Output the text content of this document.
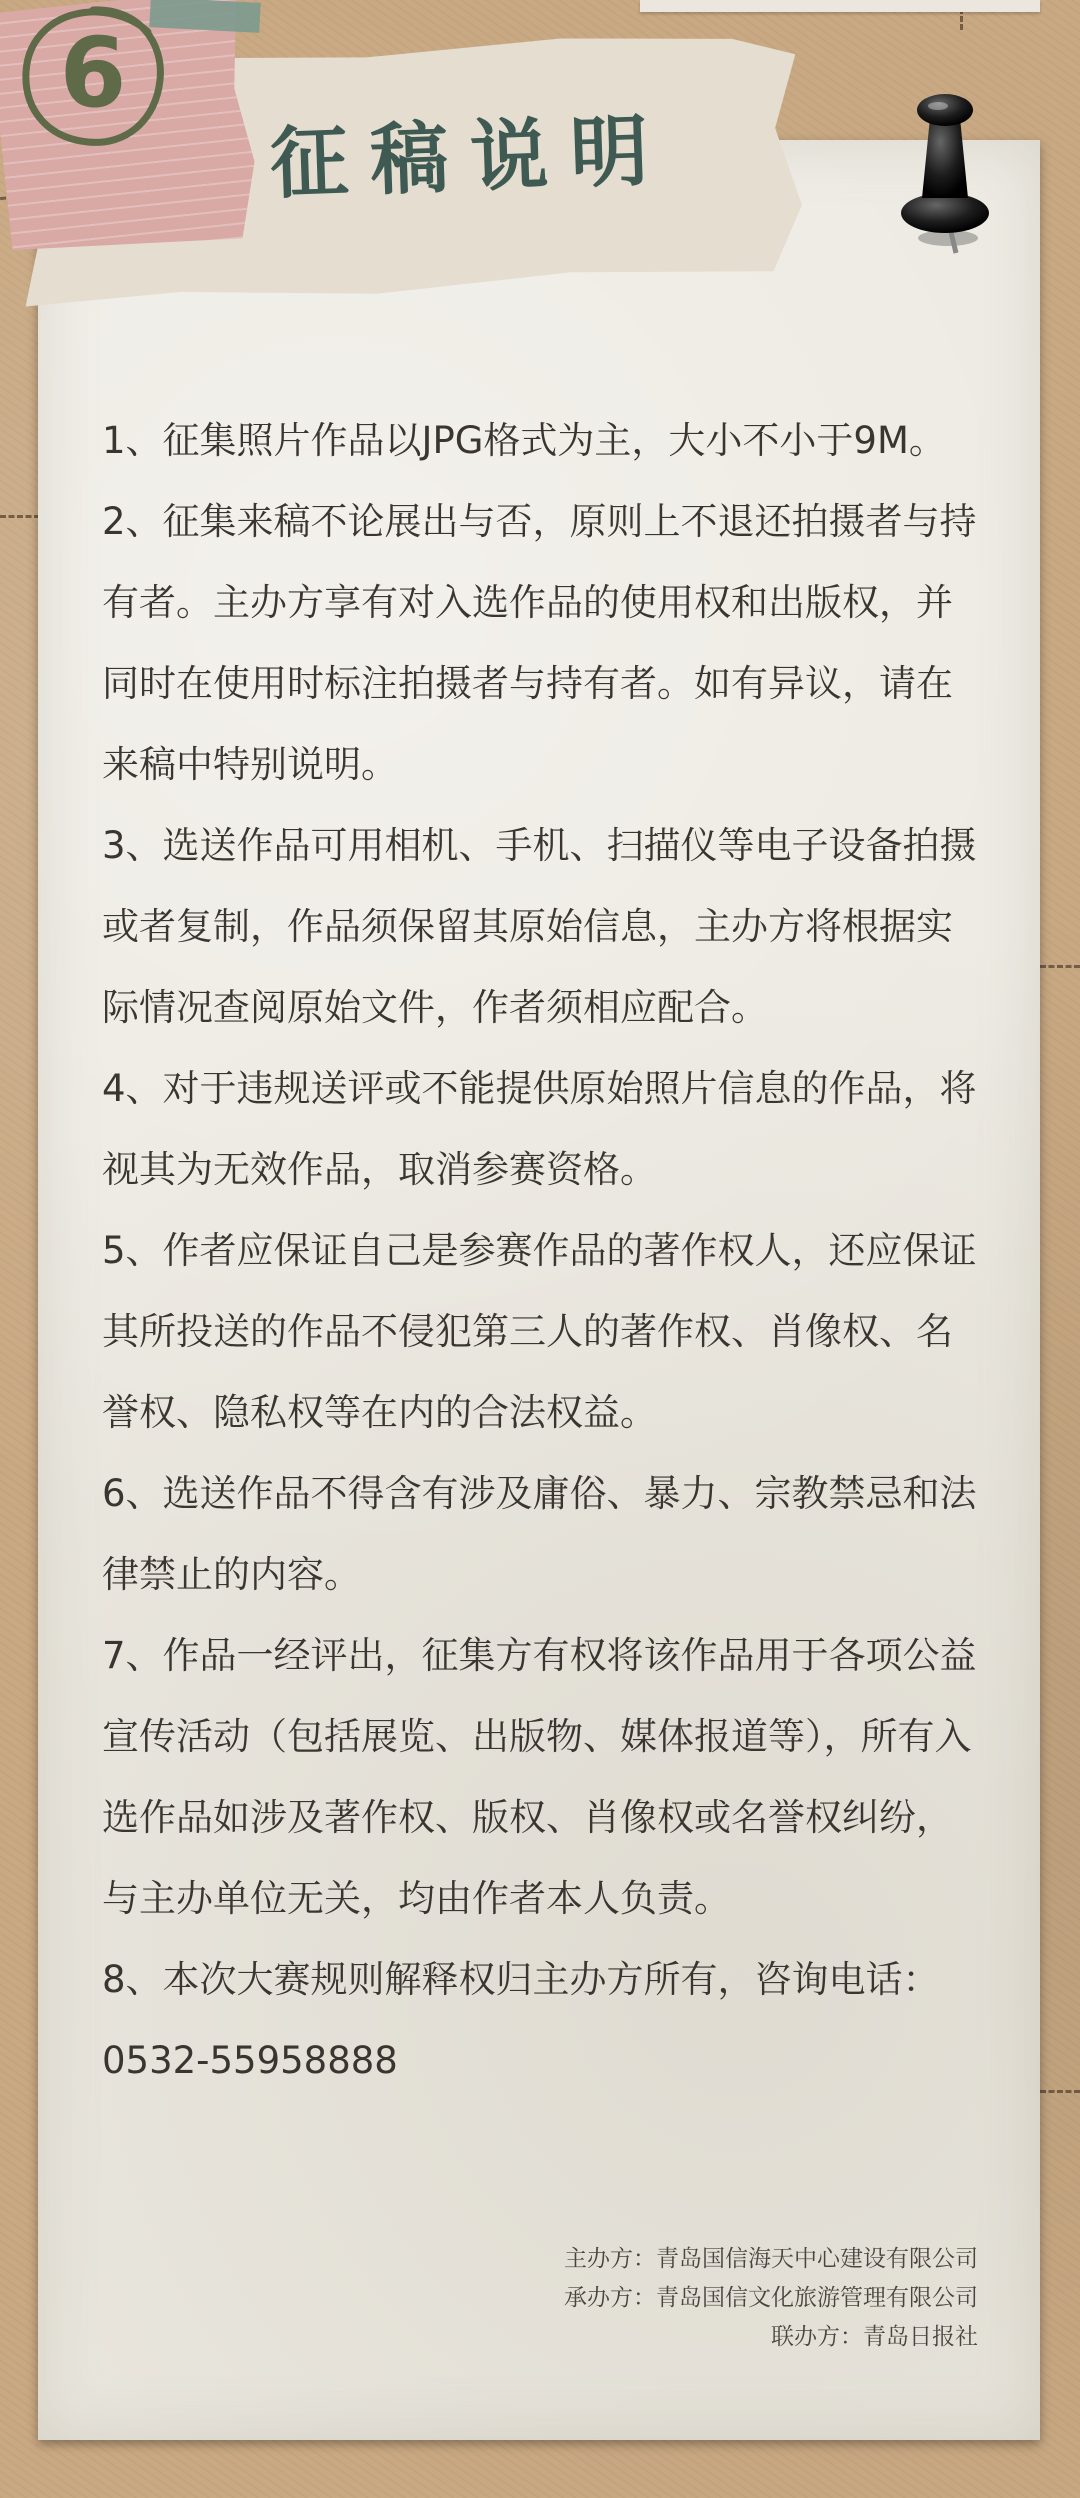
6
征稿说明

1、征集照片作品以JPG格式为主，大小不小于9M。

2、征集来稿不论展出与否，原则上不退还拍摄者与持有者。主办方享有对入选作品的使用权和出版权，并同时在使用时标注拍摄者与持有者。如有异议，请在来稿中特别说明。

3、选送作品可用相机、手机、扫描仪等电子设备拍摄或者复制，作品须保留其原始信息，主办方将根据实际情况查阅原始文件，作者须相应配合。

4、对于违规送评或不能提供原始照片信息的作品，将视其为无效作品，取消参赛资格。

5、作者应保证自己是参赛作品的著作权人，还应保证其所投送的作品不侵犯第三人的著作权、肖像权、名誉权、隐私权等在内的合法权益。

6、选送作品不得含有涉及庸俗、暴力、宗教禁忌和法律禁止的内容。

7、作品一经评出，征集方有权将该作品用于各项公益宣传活动（包括展览、出版物、媒体报道等），所有入选作品如涉及著作权、版权、肖像权或名誉权纠纷，与主办单位无关，均由作者本人负责。

8、本次大赛规则解释权归主办方所有，咨询电话：0532-55958888

主办方：青岛国信海天中心建设有限公司
承办方：青岛国信文化旅游管理有限公司
联办方：青岛日报社
